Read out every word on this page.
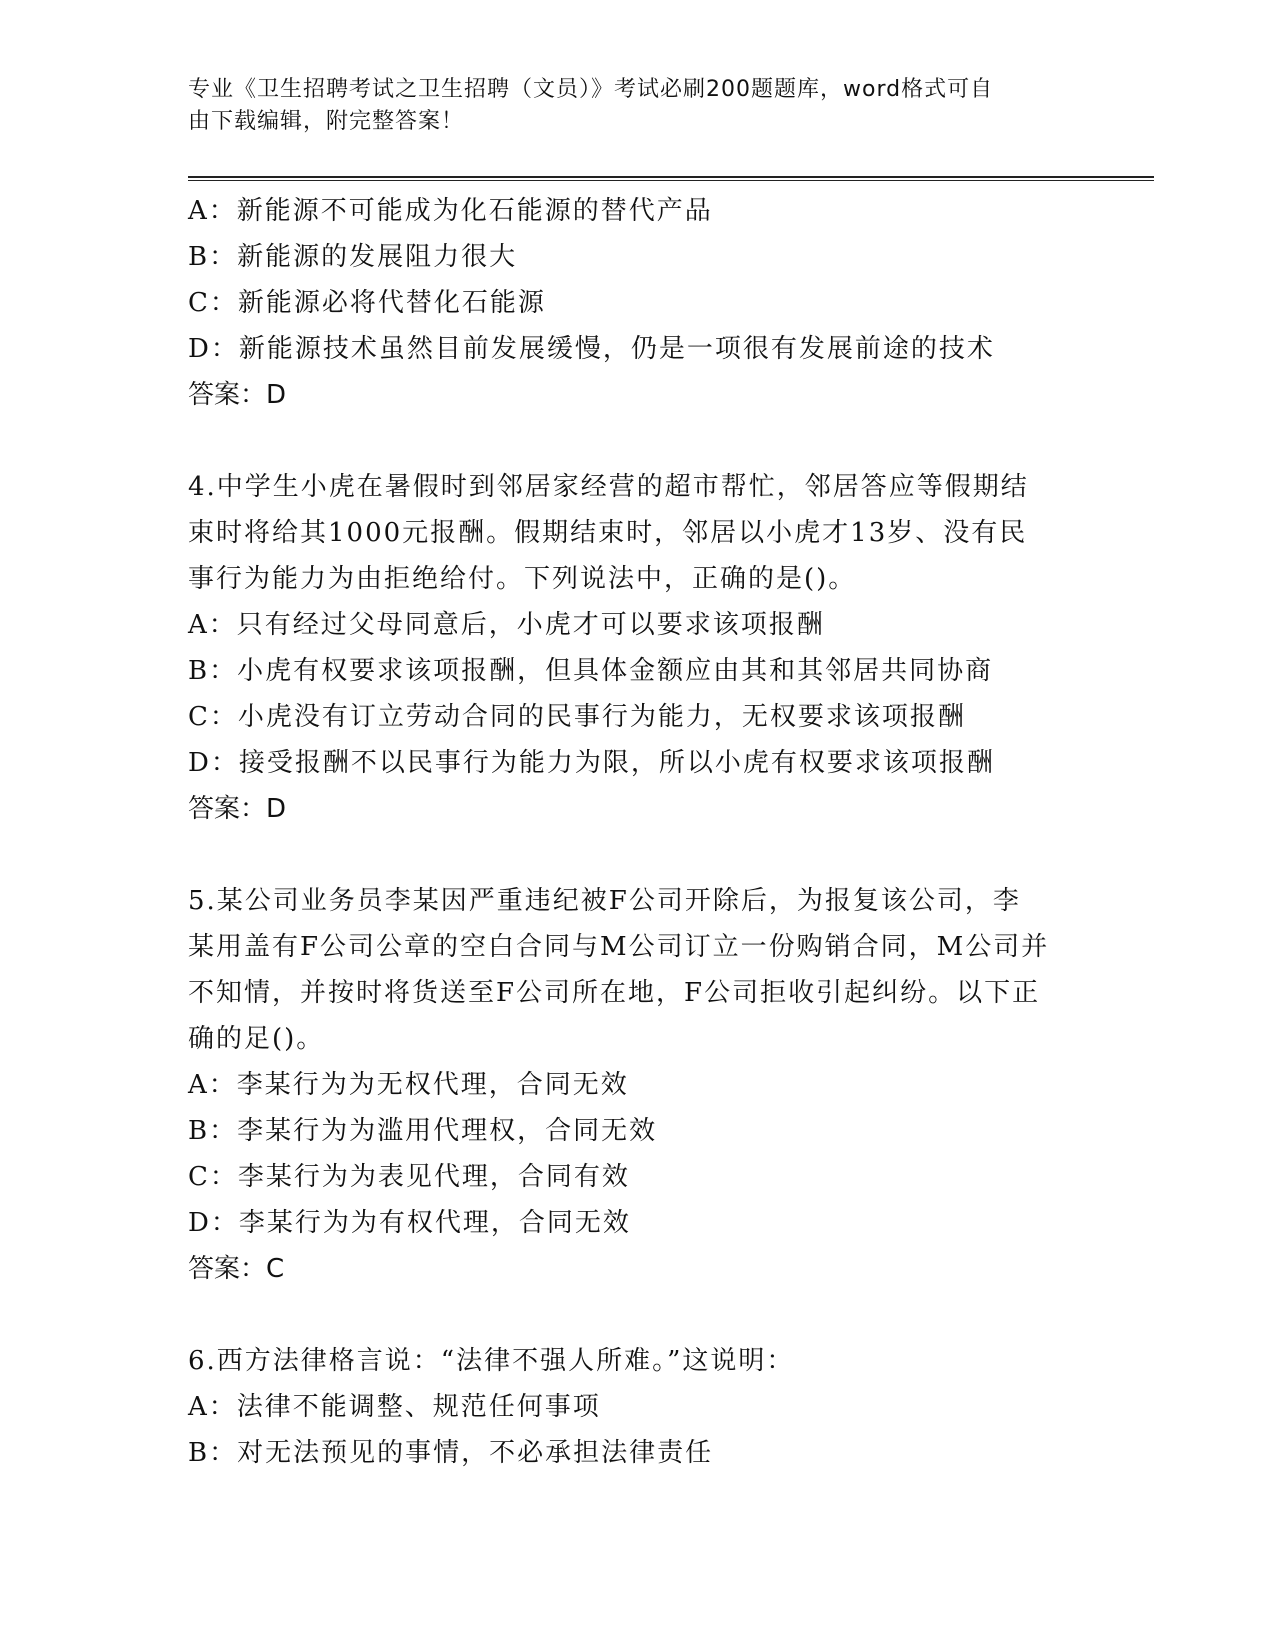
专业《卫生招聘考试之卫生招聘（文员）》考试必刷200题题库，word格式可自
由下载编辑，附完整答案！
A：新能源不可能成为化石能源的替代产品
B：新能源的发展阻力很大
C：新能源必将代替化石能源
D：新能源技术虽然目前发展缓慢，仍是一项很有发展前途的技术
答案：D
4.中学生小虎在暑假时到邻居家经营的超市帮忙，邻居答应等假期结
束时将给其1000元报酬。假期结束时，邻居以小虎才13岁、没有民
事行为能力为由拒绝给付。下列说法中，正确的是()。
A：只有经过父母同意后，小虎才可以要求该项报酬
B：小虎有权要求该项报酬，但具体金额应由其和其邻居共同协商
C：小虎没有订立劳动合同的民事行为能力，无权要求该项报酬
D：接受报酬不以民事行为能力为限，所以小虎有权要求该项报酬
答案：D
5.某公司业务员李某因严重违纪被F公司开除后，为报复该公司，李
某用盖有F公司公章的空白合同与M公司订立一份购销合同，M公司并
不知情，并按时将货送至F公司所在地，F公司拒收引起纠纷。以下正
确的足()。
A：李某行为为无权代理，合同无效
B：李某行为为滥用代理权，合同无效
C：李某行为为表见代理，合同有效
D：李某行为为有权代理，合同无效
答案：C
6.西方法律格言说：“法律不强人所难。”这说明：
A：法律不能调整、规范任何事项
B：对无法预见的事情，不必承担法律责任
